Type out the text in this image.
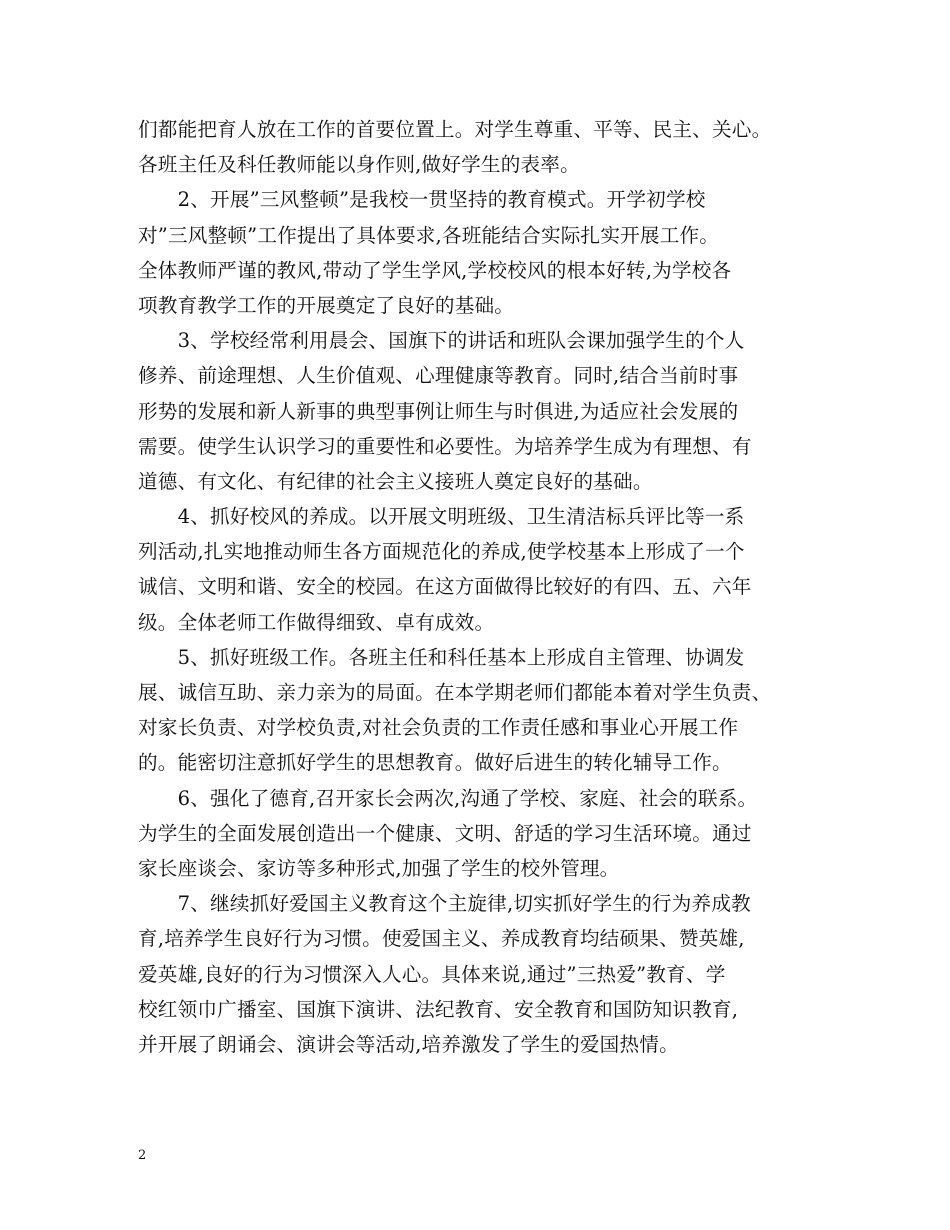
们都能把育人放在工作的首要位置上。对学生尊重、平等、民主、关心。
各班主任及科任教师能以身作则,做好学生的表率。
　　2、开展”三风整顿”是我校一贯坚持的教育模式。开学初学校
对”三风整顿”工作提出了具体要求,各班能结合实际扎实开展工作。
全体教师严谨的教风,带动了学生学风,学校校风的根本好转,为学校各
项教育教学工作的开展奠定了良好的基础。
　　3、学校经常利用晨会、国旗下的讲话和班队会课加强学生的个人
修养、前途理想、人生价值观、心理健康等教育。同时,结合当前时事
形势的发展和新人新事的典型事例让师生与时俱进,为适应社会发展的
需要。使学生认识学习的重要性和必要性。为培养学生成为有理想、有
道德、有文化、有纪律的社会主义接班人奠定良好的基础。
　　4、抓好校风的养成。以开展文明班级、卫生清洁标兵评比等一系
列活动,扎实地推动师生各方面规范化的养成,使学校基本上形成了一个
诚信、文明和谐、安全的校园。在这方面做得比较好的有四、五、六年
级。全体老师工作做得细致、卓有成效。
　　5、抓好班级工作。各班主任和科任基本上形成自主管理、协调发
展、诚信互助、亲力亲为的局面。在本学期老师们都能本着对学生负责、
对家长负责、对学校负责,对社会负责的工作责任感和事业心开展工作
的。能密切注意抓好学生的思想教育。做好后进生的转化辅导工作。
　　6、强化了德育,召开家长会两次,沟通了学校、家庭、社会的联系。
为学生的全面发展创造出一个健康、文明、舒适的学习生活环境。通过
家长座谈会、家访等多种形式,加强了学生的校外管理。
　　7、继续抓好爱国主义教育这个主旋律,切实抓好学生的行为养成教
育,培养学生良好行为习惯。使爱国主义、养成教育均结硕果、赞英雄,
爱英雄,良好的行为习惯深入人心。具体来说,通过”三热爱”教育、学
校红领巾广播室、国旗下演讲、法纪教育、安全教育和国防知识教育,
并开展了朗诵会、演讲会等活动,培养激发了学生的爱国热情。
2
